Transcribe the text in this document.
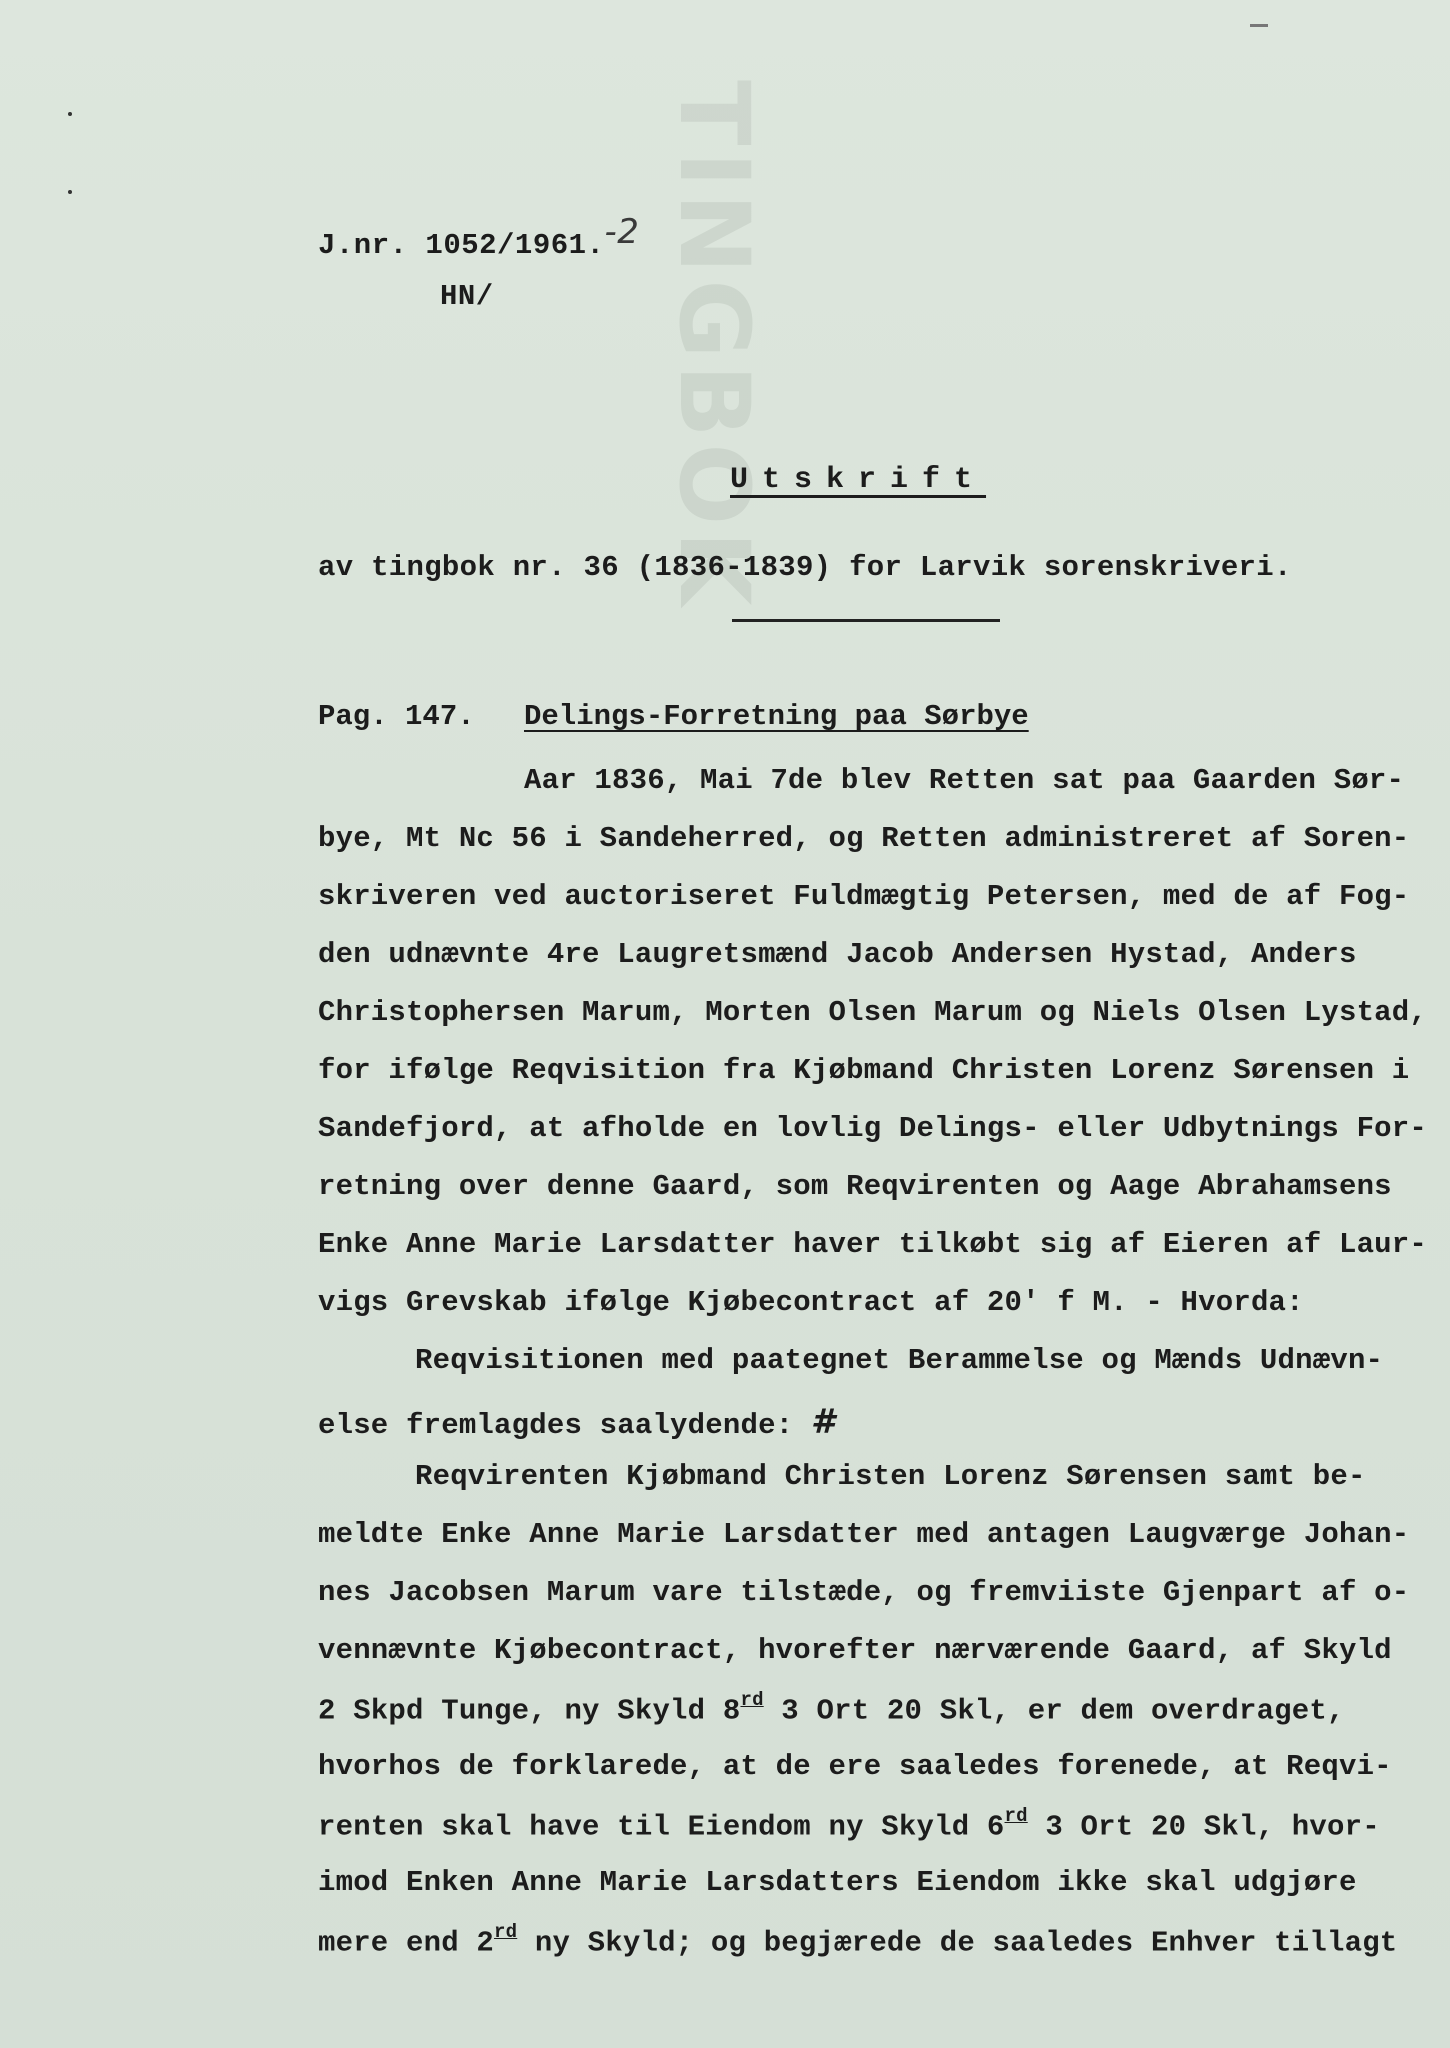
TINGBOK
J.nr. 1052/1961.-2
HN/
Utskrift
av tingbok nr. 36 (1836-1839) for Larvik sorenskriveri.
Pag. 147. Delings-Forretning paa Sørbye
Aar 1836, Mai 7de blev Retten sat paa Gaarden Sør-
bye, Mt Nc 56 i Sandeherred, og Retten administreret af Soren-
skriveren ved auctoriseret Fuldmægtig Petersen, med de af Fog-
den udnævnte 4re Laugretsmænd Jacob Andersen Hystad, Anders
Christophersen Marum, Morten Olsen Marum og Niels Olsen Lystad,
for ifølge Reqvisition fra Kjøbmand Christen Lorenz Sørensen i
Sandefjord, at afholde en lovlig Delings- eller Udbytnings For-
retning over denne Gaard, som Reqvirenten og Aage Abrahamsens
Enke Anne Marie Larsdatter haver tilkøbt sig af Eieren af Laur-
vigs Grevskab ifølge Kjøbecontract af 20' f M. - Hvorda:
Reqvisitionen med paategnet Berammelse og Mænds Udnævn-
else fremlagdes saalydende: #
Reqvirenten Kjøbmand Christen Lorenz Sørensen samt be-
meldte Enke Anne Marie Larsdatter med antagen Laugværge Johan-
nes Jacobsen Marum vare tilstæde, og fremviiste Gjenpart af o-
vennævnte Kjøbecontract, hvorefter nærværende Gaard, af Skyld
2 Skpd Tunge, ny Skyld 8rd 3 Ort 20 Skl, er dem overdraget,
hvorhos de forklarede, at de ere saaledes forenede, at Reqvi-
renten skal have til Eiendom ny Skyld 6rd 3 Ort 20 Skl, hvor-
imod Enken Anne Marie Larsdatters Eiendom ikke skal udgjøre
mere end 2rd ny Skyld; og begjærede de saaledes Enhver tillagt
